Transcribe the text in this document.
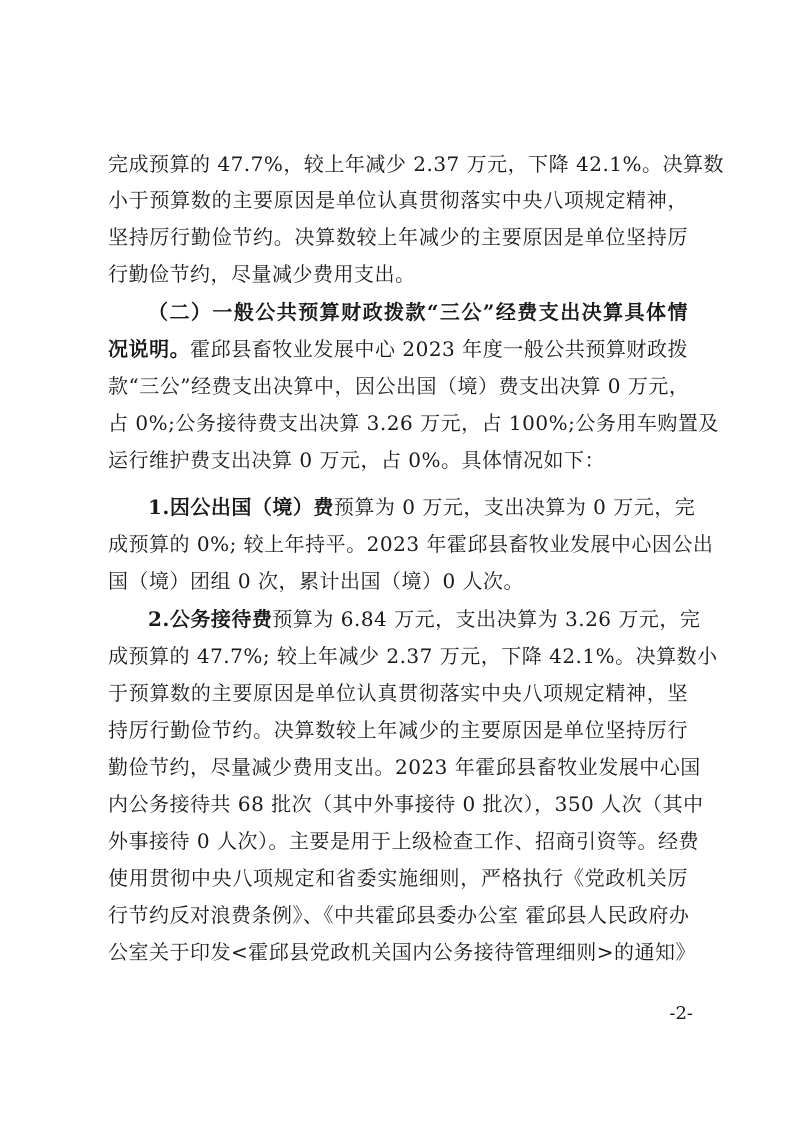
完成预算的 47.7%，较上年减少 2.37 万元，下降 42.1%。决算数
小于预算数的主要原因是单位认真贯彻落实中央八项规定精神，
坚持厉行勤俭节约。决算数较上年减少的主要原因是单位坚持厉
行勤俭节约，尽量减少费用支出。
（二）一般公共预算财政拨款“三公”经费支出决算具体情
况说明。霍邱县畜牧业发展中心 2023 年度一般公共预算财政拨
款“三公”经费支出决算中，因公出国（境）费支出决算 0 万元，
占 0%;公务接待费支出决算 3.26 万元，占 100%;公务用车购置及
运行维护费支出决算 0 万元，占 0%。具体情况如下：
1.因公出国（境）费预算为 0 万元，支出决算为 0 万元，完
成预算的 0%; 较上年持平。2023 年霍邱县畜牧业发展中心因公出
国（境）团组 0 次，累计出国（境）0 人次。
2.公务接待费预算为 6.84 万元，支出决算为 3.26 万元，完
成预算的 47.7%; 较上年减少 2.37 万元，下降 42.1%。决算数小
于预算数的主要原因是单位认真贯彻落实中央八项规定精神，坚
持厉行勤俭节约。决算数较上年减少的主要原因是单位坚持厉行
勤俭节约，尽量减少费用支出。2023 年霍邱县畜牧业发展中心国
内公务接待共 68 批次（其中外事接待 0 批次），350 人次（其中
外事接待 0 人次）。主要是用于上级检查工作、招商引资等。经费
使用贯彻中央八项规定和省委实施细则，严格执行《党政机关厉
行节约反对浪费条例》、《中共霍邱县委办公室 霍邱县人民政府办
公室关于印发<霍邱县党政机关国内公务接待管理细则>的通知》
-2-
